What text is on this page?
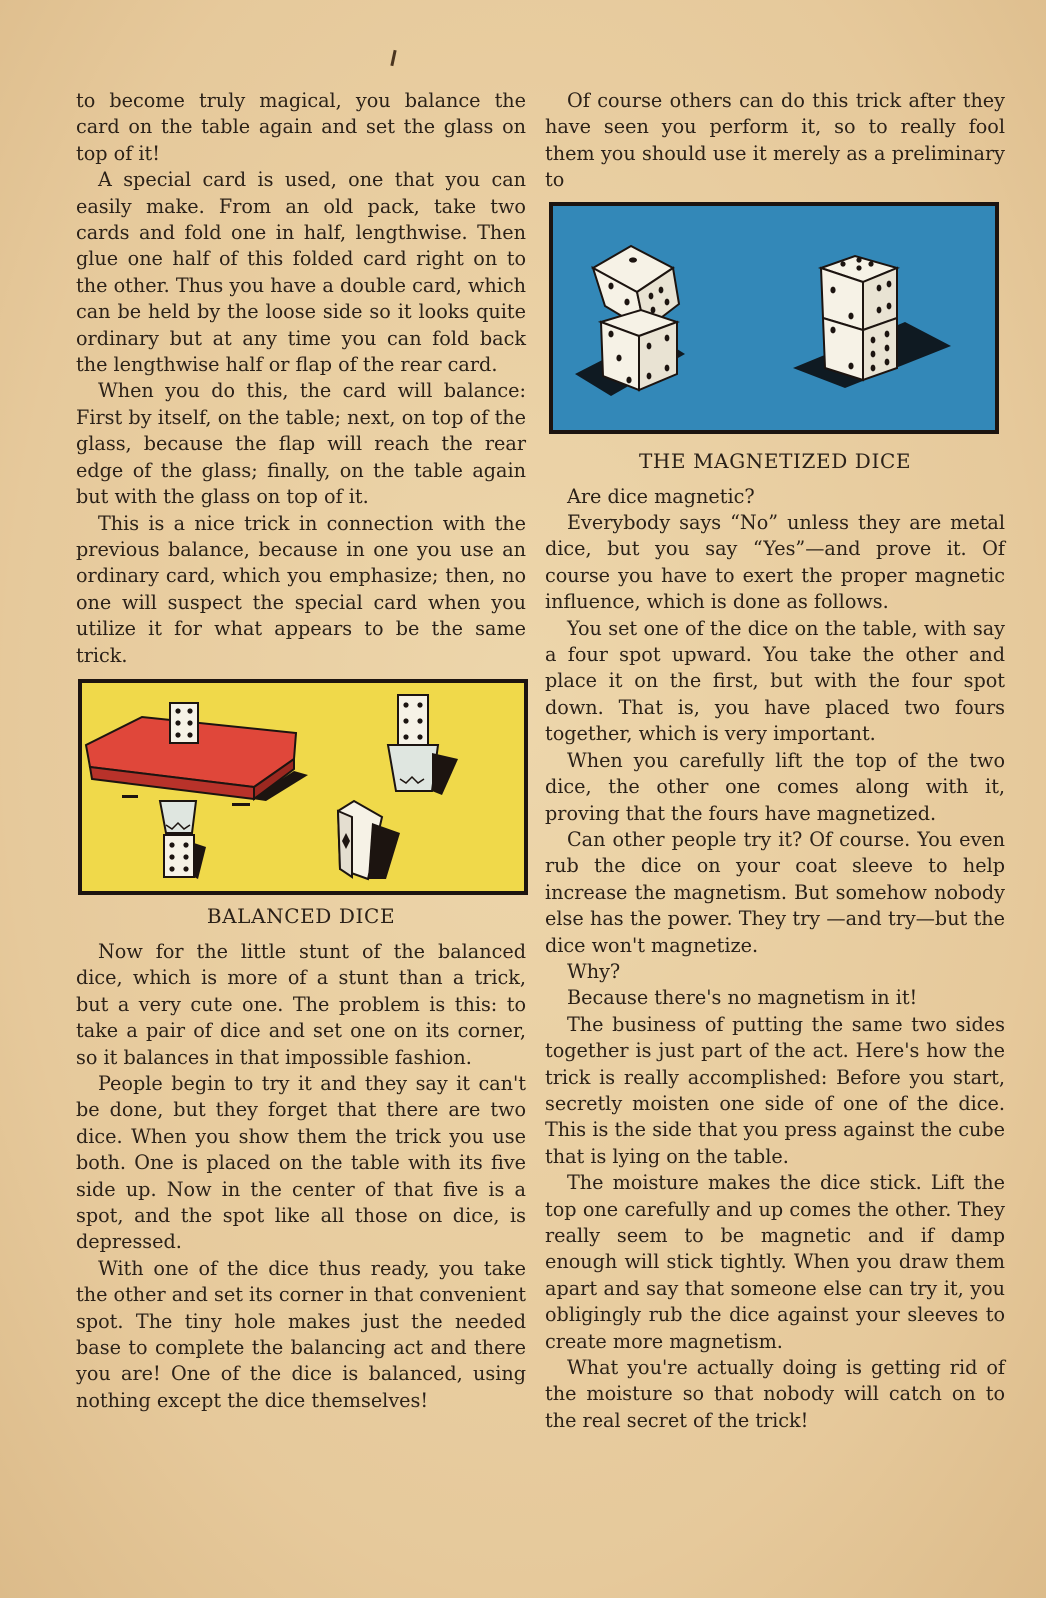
to become truly magical, you balance the card on the table again and set the glass on top of it!

A special card is used, one that you can easily make. From an old pack, take two cards and fold one in half, lengthwise. Then glue one half of this folded card right on to the other. Thus you have a double card, which can be held by the loose side so it looks quite ordinary but at any time you can fold back the lengthwise half or flap of the rear card.

When you do this, the card will balance: First by itself, on the table; next, on top of the glass, because the flap will reach the rear edge of the glass; finally, on the table again but with the glass on top of it.

This is a nice trick in connection with the previous balance, because in one you use an ordinary card, which you emphasize; then, no one will suspect the special card when you utilize it for what appears to be the same trick.

BALANCED DICE

Now for the little stunt of the balanced dice, which is more of a stunt than a trick, but a very cute one. The problem is this: to take a pair of dice and set one on its corner, so it balances in that impossible fashion.

People begin to try it and they say it can't be done, but they forget that there are two dice. When you show them the trick you use both. One is placed on the table with its five side up. Now in the center of that five is a spot, and the spot like all those on dice, is depressed.

With one of the dice thus ready, you take the other and set its corner in that convenient spot. The tiny hole makes just the needed base to complete the balancing act and there you are! One of the dice is balanced, using nothing except the dice themselves!

Of course others can do this trick after they have seen you perform it, so to really fool them you should use it merely as a preliminary to

THE MAGNETIZED DICE

Are dice magnetic?

Everybody says “No” unless they are metal dice, but you say “Yes”—and prove it. Of course you have to exert the proper magnetic influence, which is done as follows.

You set one of the dice on the table, with say a four spot upward. You take the other and place it on the first, but with the four spot down. That is, you have placed two fours together, which is very important.

When you carefully lift the top of the two dice, the other one comes along with it, proving that the fours have magnetized.

Can other people try it? Of course. You even rub the dice on your coat sleeve to help increase the magnetism. But somehow nobody else has the power. They try —and try—but the dice won't magnetize.

Why?

Because there's no magnetism in it!

The business of putting the same two sides together is just part of the act. Here's how the trick is really accomplished: Before you start, secretly moisten one side of one of the dice. This is the side that you press against the cube that is lying on the table.

The moisture makes the dice stick. Lift the top one carefully and up comes the other. They really seem to be magnetic and if damp enough will stick tightly. When you draw them apart and say that someone else can try it, you obligingly rub the dice against your sleeves to create more magnetism.

What you're actually doing is getting rid of the moisture so that nobody will catch on to the real secret of the trick!
